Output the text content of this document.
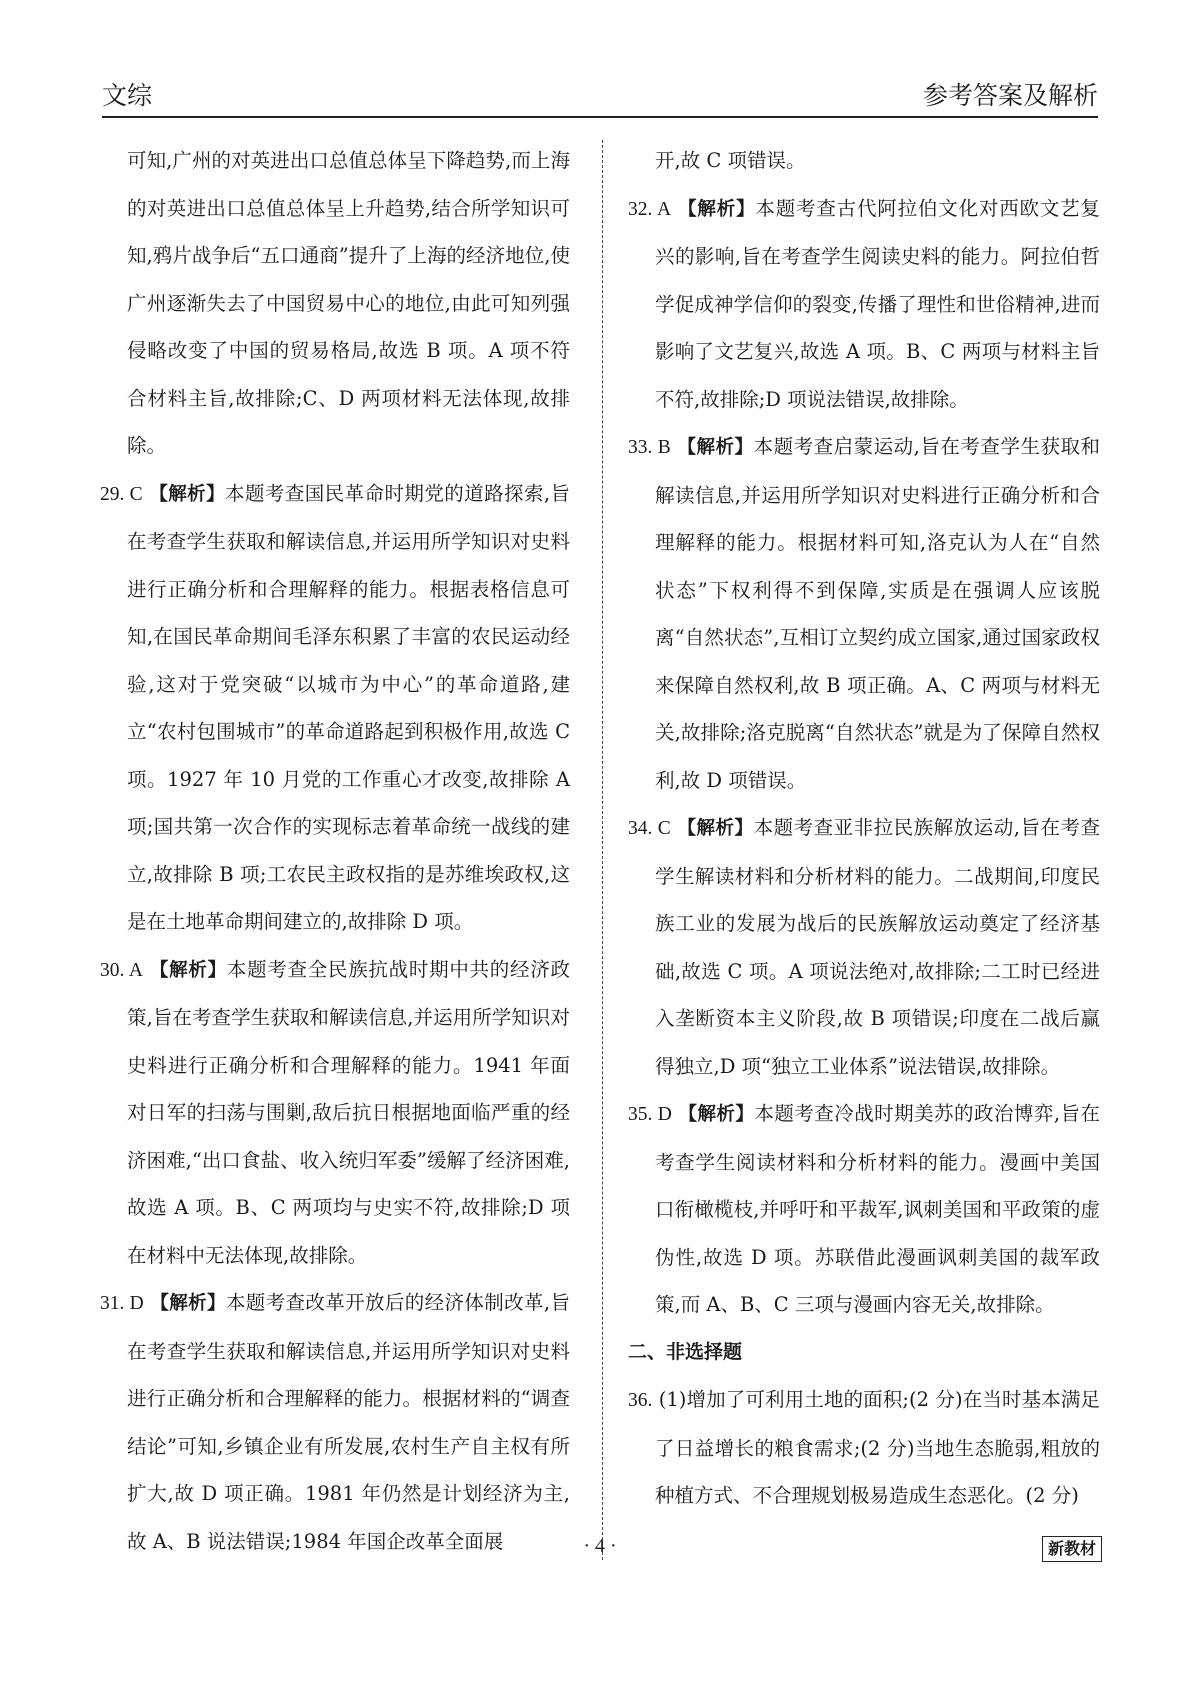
文综	参考答案及解析

可知,广州的对英进出口总值总体呈下降趋势,而上海的对英进出口总值总体呈上升趋势,结合所学知识可知,鸦片战争后“五口通商”提升了上海的经济地位,使广州逐渐失去了中国贸易中心的地位,由此可知列强侵略改变了中国的贸易格局,故选 B 项。A 项不符合材料主旨,故排除;C、D 两项材料无法体现,故排除。

29. C 【解析】本题考查国民革命时期党的道路探索,旨在考查学生获取和解读信息,并运用所学知识对史料进行正确分析和合理解释的能力。根据表格信息可知,在国民革命期间毛泽东积累了丰富的农民运动经验,这对于党突破“以城市为中心”的革命道路,建立“农村包围城市”的革命道路起到积极作用,故选 C 项。1927 年 10 月党的工作重心才改变,故排除 A 项;国共第一次合作的实现标志着革命统一战线的建立,故排除 B 项;工农民主政权指的是苏维埃政权,这是在土地革命期间建立的,故排除 D 项。

30. A 【解析】本题考查全民族抗战时期中共的经济政策,旨在考查学生获取和解读信息,并运用所学知识对史料进行正确分析和合理解释的能力。1941 年面对日军的扫荡与围剿,敌后抗日根据地面临严重的经济困难,“出口食盐、收入统归军委”缓解了经济困难,故选 A 项。B、C 两项均与史实不符,故排除;D 项在材料中无法体现,故排除。

31. D 【解析】本题考查改革开放后的经济体制改革,旨在考查学生获取和解读信息,并运用所学知识对史料进行正确分析和合理解释的能力。根据材料的“调查结论”可知,乡镇企业有所发展,农村生产自主权有所扩大,故 D 项正确。1981 年仍然是计划经济为主,故 A、B 说法错误;1984 年国企改革全面展

开,故 C 项错误。

32. A 【解析】本题考查古代阿拉伯文化对西欧文艺复兴的影响,旨在考查学生阅读史料的能力。阿拉伯哲学促成神学信仰的裂变,传播了理性和世俗精神,进而影响了文艺复兴,故选 A 项。B、C 两项与材料主旨不符,故排除;D 项说法错误,故排除。

33. B 【解析】本题考查启蒙运动,旨在考查学生获取和解读信息,并运用所学知识对史料进行正确分析和合理解释的能力。根据材料可知,洛克认为人在“自然状态”下权利得不到保障,实质是在强调人应该脱离“自然状态”,互相订立契约成立国家,通过国家政权来保障自然权利,故 B 项正确。A、C 两项与材料无关,故排除;洛克脱离“自然状态”就是为了保障自然权利,故 D 项错误。

34. C 【解析】本题考查亚非拉民族解放运动,旨在考查学生解读材料和分析材料的能力。二战期间,印度民族工业的发展为战后的民族解放运动奠定了经济基础,故选 C 项。A 项说法绝对,故排除;二工时已经进入垄断资本主义阶段,故 B 项错误;印度在二战后赢得独立,D 项“独立工业体系”说法错误,故排除。

35. D 【解析】本题考查冷战时期美苏的政治博弈,旨在考查学生阅读材料和分析材料的能力。漫画中美国口衔橄榄枝,并呼吁和平裁军,讽刺美国和平政策的虚伪性,故选 D 项。苏联借此漫画讽刺美国的裁军政策,而 A、B、C 三项与漫画内容无关,故排除。

二、非选择题

36. (1)增加了可利用土地的面积;(2 分)在当时基本满足了日益增长的粮食需求;(2 分)当地生态脆弱,粗放的种植方式、不合理规划极易造成生态恶化。(2 分)

· 4 ·	新教材
